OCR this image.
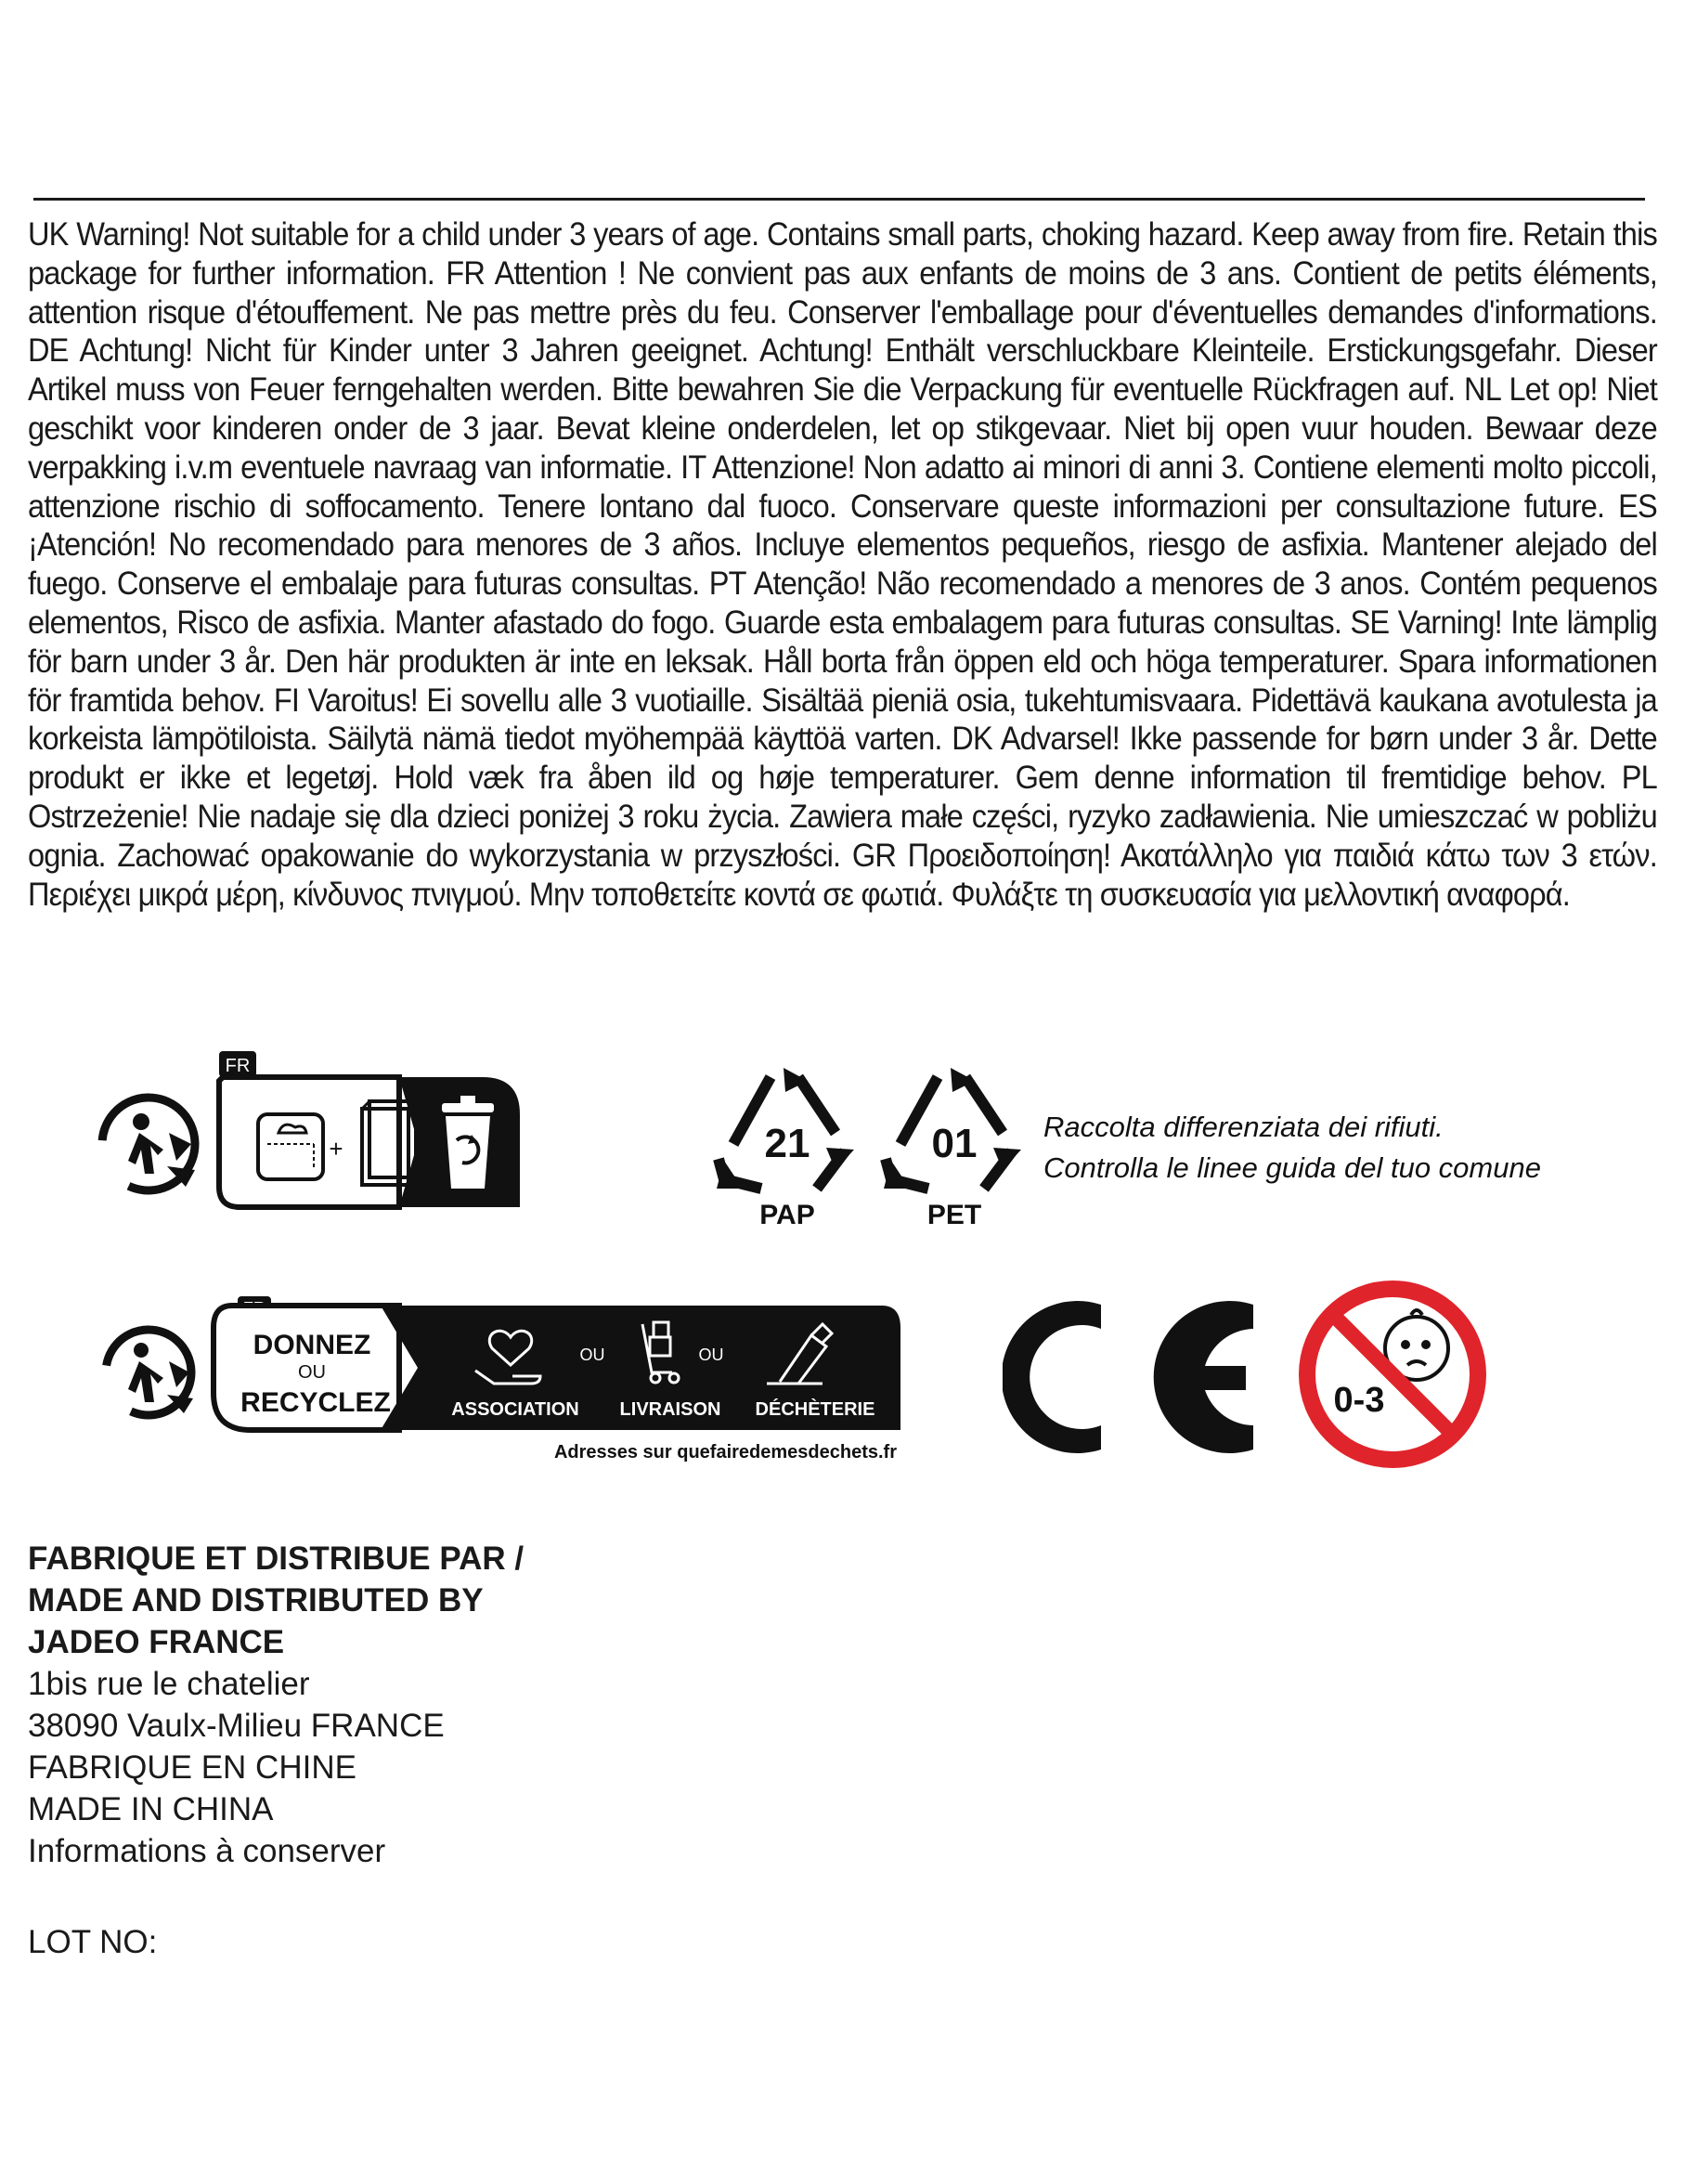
UK Warning! Not suitable for a child under 3 years of age. Contains small parts, choking hazard. Keep away from fire. Retain this package for further information. FR Attention ! Ne convient pas aux enfants de moins de 3 ans. Contient de petits éléments, attention risque d'étouffement. Ne pas mettre près du feu. Conserver l'emballage pour d'éventuelles demandes d'informations. DE Achtung! Nicht für Kinder unter 3 Jahren geeignet. Achtung! Enthält verschluckbare Kleinteile. Erstickungsgefahr. Dieser Artikel muss von Feuer ferngehalten werden. Bitte bewahren Sie die Verpackung für eventuelle Rückfragen auf. NL Let op! Niet geschikt voor kinderen onder de 3 jaar. Bevat kleine onderdelen, let op stikgevaar. Niet bij open vuur houden. Bewaar deze verpakking i.v.m eventuele navraag van informatie. IT Attenzione! Non adatto ai minori di anni 3. Contiene elementi molto piccoli, attenzione rischio di soffocamento. Tenere lontano dal fuoco. Conservare queste informazioni per consultazione future. ES ¡Atención! No recomendado para menores de 3 años. Incluye elementos pequeños, riesgo de asfixia. Mantener alejado del fuego. Conserve el embalaje para futuras consultas. PT Atenção! Não recomendado a menores de 3 anos. Contém pequenos elementos, Risco de asfixia. Manter afastado do fogo. Guarde esta embalagem para futuras consultas. SE Varning! Inte lämplig för barn under 3 år. Den här produkten är inte en leksak. Håll borta från öppen eld och höga temperaturer. Spara informationen för framtida behov. FI Varoitus! Ei sovellu alle 3 vuotiaille. Sisältää pieniä osia, tukehtumisvaara. Pidettävä kaukana avotulesta ja korkeista lämpötiloista. Säilytä nämä tiedot myöhempää käyttöä varten. DK Advarsel! Ikke passende for børn under 3 år. Dette produkt er ikke et legetøj. Hold væk fra åben ild og høje temperaturer. Gem denne information til fremtidige behov. PL Ostrzeżenie! Nie nadaje się dla dzieci poniżej 3 roku życia. Zawiera małe części, ryzyko zadławienia. Nie umieszczać w pobliżu ognia. Zachować opakowanie do wykorzystania w przyszłości. GR Προειδοποίηση! Ακατάλληλο για παιδιά κάτω των 3 ετών. Περιέχει μικρά μέρη, κίνδυνος πνιγμού. Μην τοποθετείτε κοντά σε φωτιά. Φυλάξτε τη συσκευασία για μελλοντική αναφορά.
FR
+	21
PAP
01
PET
Raccolta differenziata dei rifiuti.
Controlla le linee guida del tuo comune
DONNEZ
OU
RECYCLEZ
OU	OU
ASSOCIATION LIVRAISON DÉCHÈTERIE
Adresses sur quefairedemesdechets.fr
0-3
FABRIQUE ET DISTRIBUE PAR /
MADE AND DISTRIBUTED BY
JADEO FRANCE
1bis rue le chatelier
38090 Vaulx-Milieu FRANCE
FABRIQUE EN CHINE
MADE IN CHINA
Informations à conserver
LOT NO:
